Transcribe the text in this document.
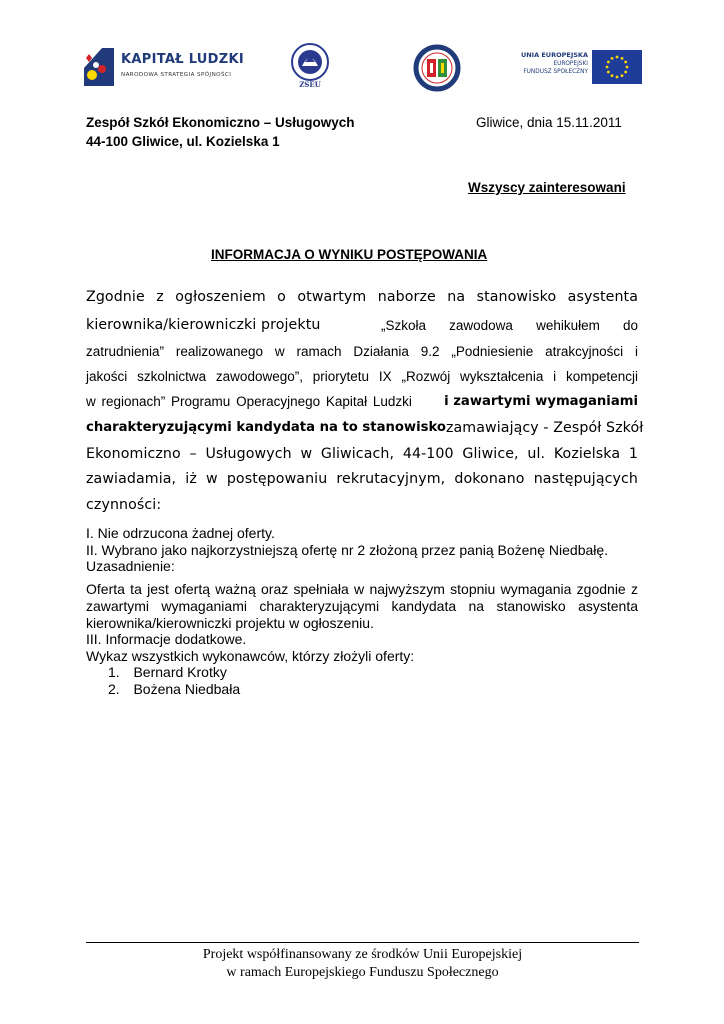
KAPITAŁ LUDZKI
NARODOWA STRATEGIA SPÓJNOŚCI
ZSEU
UNIA EUROPEJSKA
EUROPEJSKI
FUNDUSZ SPOŁECZNY
Zespół Szkół Ekonomiczno – Usługowych
44-100 Gliwice, ul. Kozielska 1
Gliwice, dnia 15.11.2011
Wszyscy zainteresowani
INFORMACJA O WYNIKU POSTĘPOWANIA
Zgodnie z ogłoszeniem o otwartym naborze na stanowisko asystenta
kierownika/kierowniczki projektu	„Szkoła zawodowa wehikułem do
zatrudnienia” realizowanego w ramach Działania 9.2 „Podniesienie atrakcyjności i
jakości szkolnictwa zawodowego”, priorytetu IX „Rozwój wykształcenia i kompetencji
w regionach” Programu Operacyjnego Kapitał Ludzki i zawartymi wymaganiami
charakteryzującymi kandydata na to stanowisko zamawiający - Zespół Szkół
Ekonomiczno – Usługowych w Gliwicach, 44-100 Gliwice, ul. Kozielska 1
zawiadamia, iż w postępowaniu rekrutacyjnym, dokonano następujących
czynności:
I. Nie odrzucona żadnej oferty.
II. Wybrano jako najkorzystniejszą ofertę nr 2 złożoną przez panią Bożenę Niedbałę.
Uzasadnienie:
Oferta ta jest ofertą ważną oraz spełniała w najwyższym stopniu wymagania zgodnie z zawartymi wymaganiami charakteryzującymi kandydata na stanowisko asystenta kierownika/kierowniczki projektu w ogłoszeniu.
III. Informacje dodatkowe.
Wykaz wszystkich wykonawców, którzy złożyli oferty:
1. Bernard Krotky
2. Bożena Niedbała
Projekt współfinansowany ze środków Unii Europejskiej
w ramach Europejskiego Funduszu Społecznego
